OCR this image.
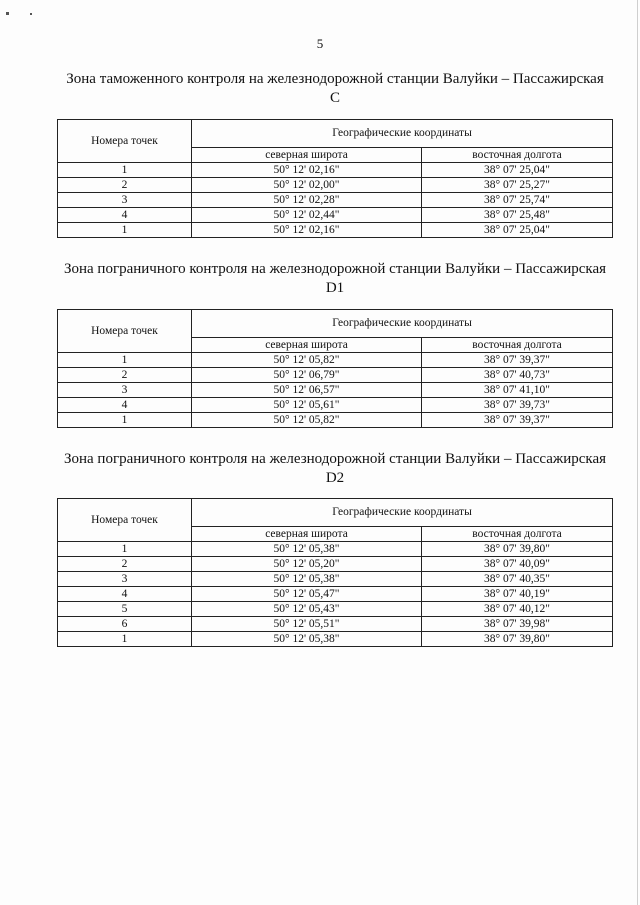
5
Зона таможенного контроля на железнодорожной станции Валуйки – Пассажирская
C
Номера точек	Географические координаты	
	северная широта	восточная долгота
1	50° 12' 02,16"	38° 07' 25,04"
2	50° 12' 02,00"	38° 07' 25,27"
3	50° 12' 02,28"	38° 07' 25,74"
4	50° 12' 02,44"	38° 07' 25,48"
1	50° 12' 02,16"	38° 07' 25,04"
Зона пограничного контроля на железнодорожной станции Валуйки – Пассажирская
D1
Номера точек	Географические координаты	
	северная широта	восточная долгота
1	50° 12' 05,82"	38° 07' 39,37"
2	50° 12' 06,79"	38° 07' 40,73"
3	50° 12' 06,57"	38° 07' 41,10"
4	50° 12' 05,61"	38° 07' 39,73"
1	50° 12' 05,82"	38° 07' 39,37"
Зона пограничного контроля на железнодорожной станции Валуйки – Пассажирская
D2
Номера точек	Географические координаты	
	северная широта	восточная долгота
1	50° 12' 05,38"	38° 07' 39,80"
2	50° 12' 05,20"	38° 07' 40,09"
3	50° 12' 05,38"	38° 07' 40,35"
4	50° 12' 05,47"	38° 07' 40,19"
5	50° 12' 05,43"	38° 07' 40,12"
6	50° 12' 05,51"	38° 07' 39,98"
1	50° 12' 05,38"	38° 07' 39,80"
